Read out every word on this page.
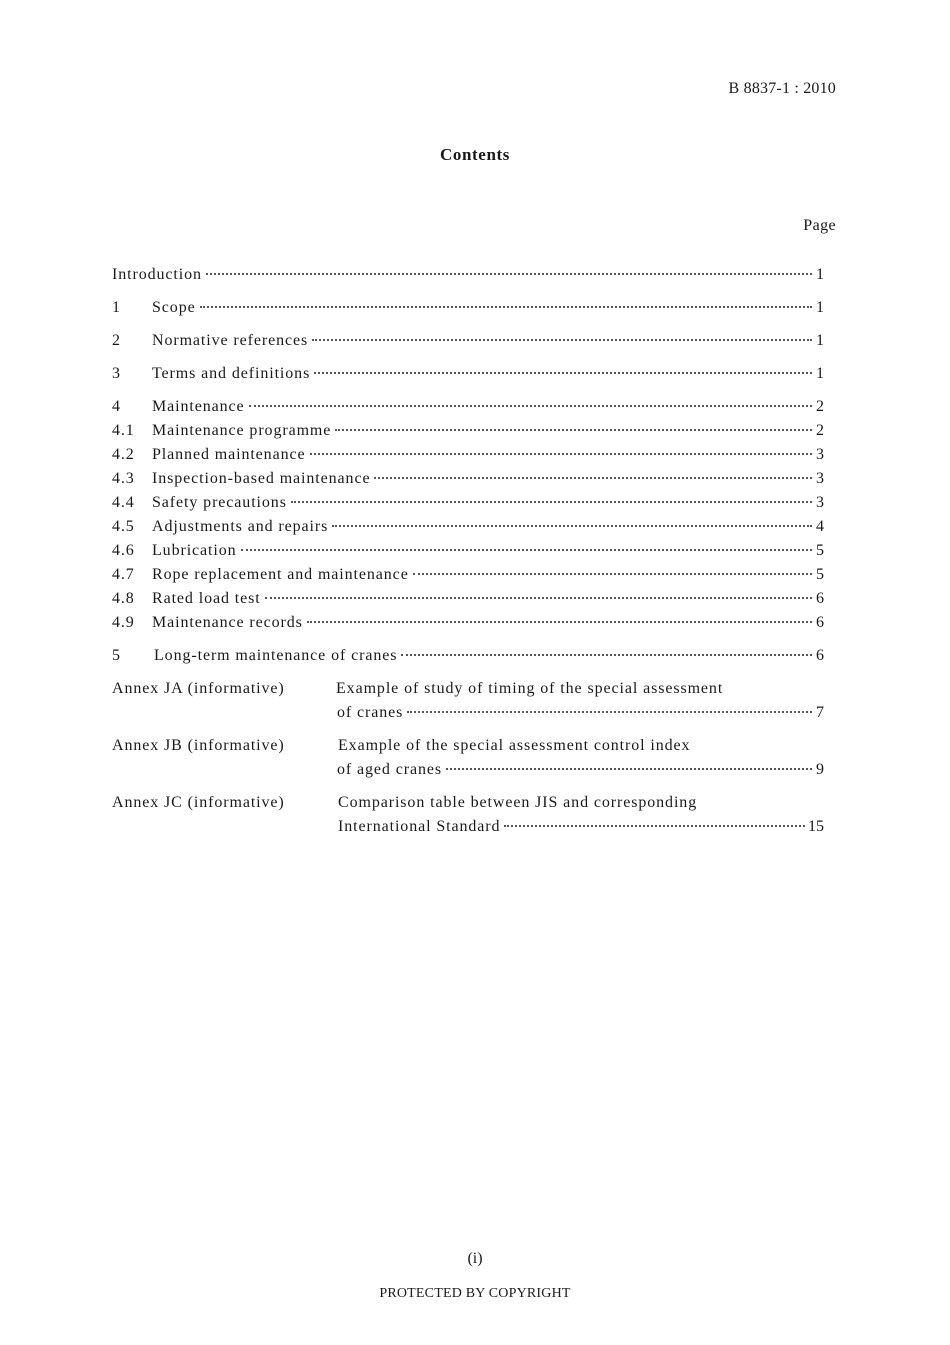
B 8837-1 : 2010
Contents
Page
Introduction	1
1	Scope	1
2	Normative references	1
3	Terms and definitions	1
4	Maintenance	2
4.1	Maintenance programme	2
4.2	Planned maintenance	3
4.3	Inspection-based maintenance	3
4.4	Safety precautions	3
4.5	Adjustments and repairs	4
4.6	Lubrication	5
4.7	Rope replacement and maintenance	5
4.8	Rated load test	6
4.9	Maintenance records	6
5	Long-term maintenance of cranes	6
Annex JA (informative)	Example of study of timing of the special assessment
of cranes	7
Annex JB (informative)	Example of the special assessment control index
of aged cranes	9
Annex JC (informative)	Comparison table between JIS and corresponding
International Standard	15
(i)
PROTECTED BY COPYRIGHT
